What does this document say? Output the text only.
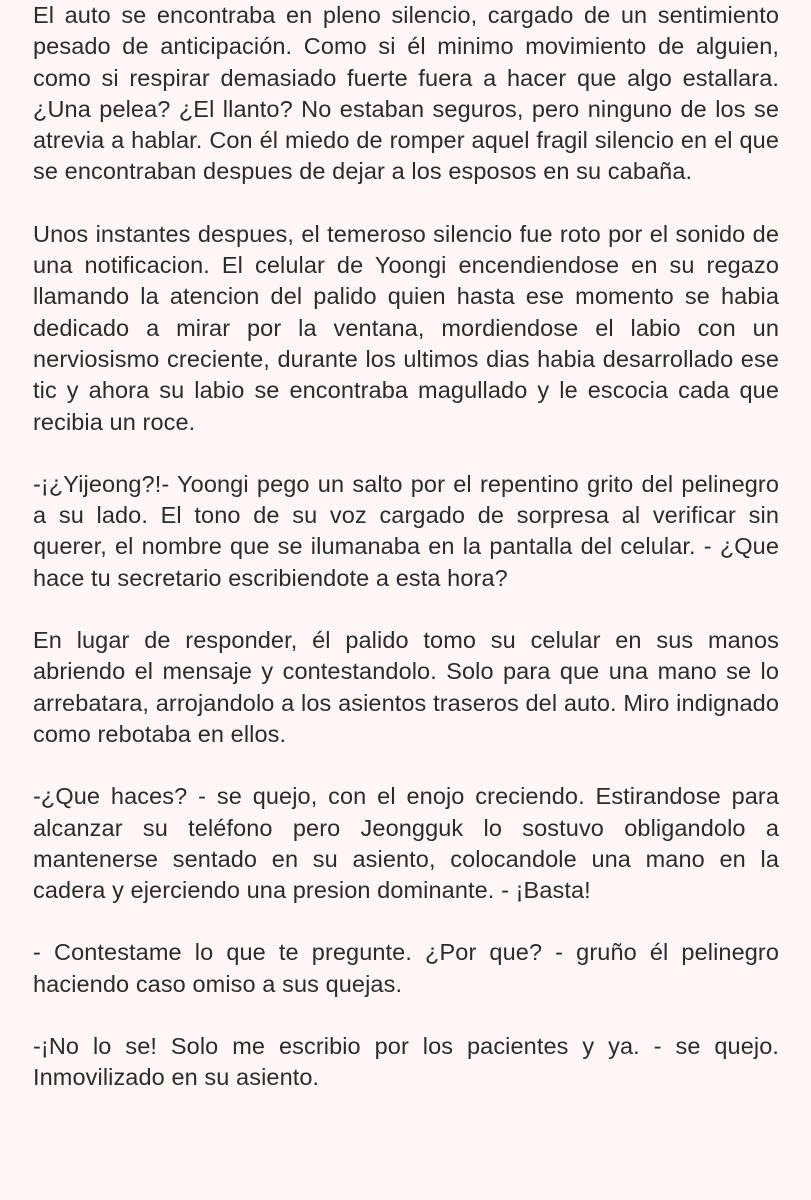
El auto se encontraba en pleno silencio, cargado de un sentimiento pesado de anticipación. Como si él minimo movimiento de alguien, como si respirar demasiado fuerte fuera a hacer que algo estallara. ¿Una pelea? ¿El llanto? No estaban seguros, pero ninguno de los se atrevia a hablar. Con él miedo de romper aquel fragil silencio en el que se encontraban despues de dejar a los esposos en su cabaña.

Unos instantes despues, el temeroso silencio fue roto por el sonido de una notificacion. El celular de Yoongi encendiendose en su regazo llamando la atencion del palido quien hasta ese momento se habia dedicado a mirar por la ventana, mordiendose el labio con un nerviosismo creciente, durante los ultimos dias habia desarrollado ese tic y ahora su labio se encontraba magullado y le escocia cada que recibia un roce.

-¡¿Yijeong?!- Yoongi pego un salto por el repentino grito del pelinegro a su lado. El tono de su voz cargado de sorpresa al verificar sin querer, el nombre que se ilumanaba en la pantalla del celular. - ¿Que hace tu secretario escribiendote a esta hora?

En lugar de responder, él palido tomo su celular en sus manos abriendo el mensaje y contestandolo. Solo para que una mano se lo arrebatara, arrojandolo a los asientos traseros del auto. Miro indignado como rebotaba en ellos.

-¿Que haces? - se quejo, con el enojo creciendo. Estirandose para alcanzar su teléfono pero Jeongguk lo sostuvo obligandolo a mantenerse sentado en su asiento, colocandole una mano en la cadera y ejerciendo una presion dominante. - ¡Basta!

- Contestame lo que te pregunte. ¿Por que? - gruño él pelinegro haciendo caso omiso a sus quejas.

-¡No lo se! Solo me escribio por los pacientes y ya. - se quejo. Inmovilizado en su asiento.
